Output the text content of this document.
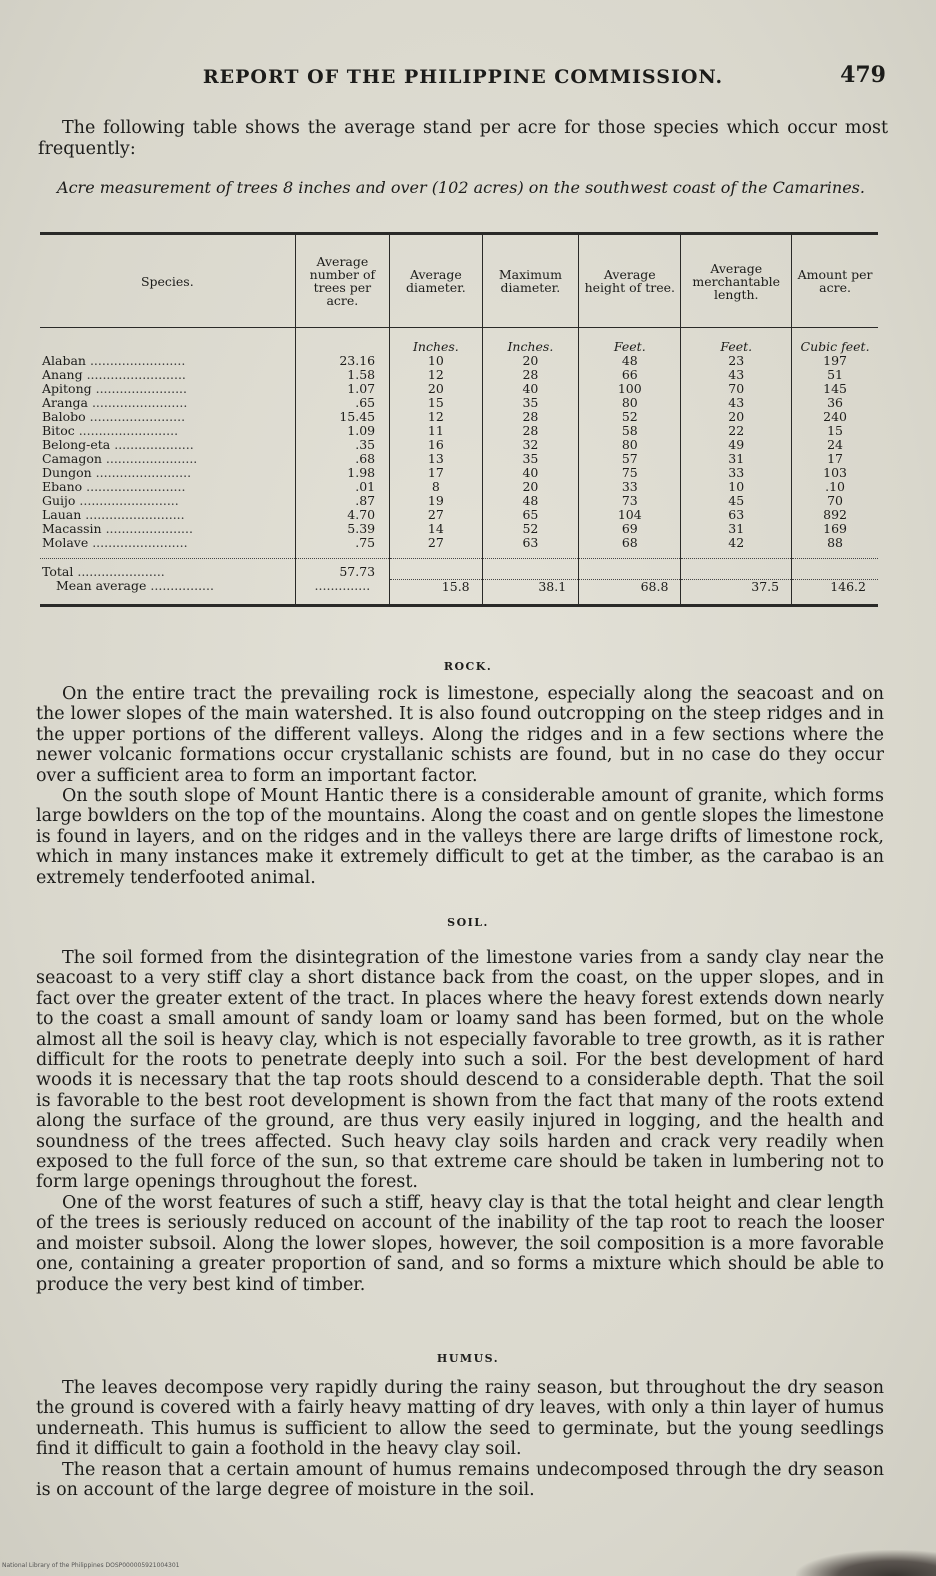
REPORT OF THE PHILIPPINE COMMISSION.	479

The following table shows the average stand per acre for those species which occur most frequently:

Acre measurement of trees 8 inches and over (102 acres) on the southwest coast of the Camarines.

Species.	Average number of trees per acre.	Average diameter.	Maximum diameter.	Average height of tree.	Average merchantable length.	Amount per acre.
		Inches.	Inches.	Feet.	Feet.	Cubic feet.
Alaban ........................	23.16	10	20	48	23	197
Anang .........................	1.58	12	28	66	43	51
Apitong .......................	1.07	20	40	100	70	145
Aranga ........................	.65	15	35	80	43	36
Balobo ........................	15.45	12	28	52	20	240
Bitoc .........................	1.09	11	28	58	22	15
Belong-eta ....................	.35	16	32	80	49	24
Camagon .......................	.68	13	35	57	31	17
Dungon ........................	1.98	17	40	75	33	103
Ebano .........................	.01	8	20	33	10	.10
Guijo .........................	.87	19	48	73	45	70
Lauan .........................	4.70	27	65	104	63	892
Macassin ......................	5.39	14	52	69	31	169
Molave ........................	.75	27	63	68	42	88
Total ......................	57.73					
Mean average ................	..............	15.8	38.1	68.8	37.5	146.2
ROCK.

On the entire tract the prevailing rock is limestone, especially along the seacoast and on the lower slopes of the main watershed. It is also found outcropping on the steep ridges and in the upper portions of the different valleys. Along the ridges and in a few sections where the newer volcanic formations occur crystallanic schists are found, but in no case do they occur over a sufficient area to form an important factor.

On the south slope of Mount Hantic there is a considerable amount of granite, which forms large bowlders on the top of the mountains. Along the coast and on gentle slopes the limestone is found in layers, and on the ridges and in the valleys there are large drifts of limestone rock, which in many instances make it extremely difficult to get at the timber, as the carabao is an extremely tenderfooted animal.

SOIL.

The soil formed from the disintegration of the limestone varies from a sandy clay near the seacoast to a very stiff clay a short distance back from the coast, on the upper slopes, and in fact over the greater extent of the tract. In places where the heavy forest extends down nearly to the coast a small amount of sandy loam or loamy sand has been formed, but on the whole almost all the soil is heavy clay, which is not especially favorable to tree growth, as it is rather difficult for the roots to penetrate deeply into such a soil. For the best development of hard woods it is necessary that the tap roots should descend to a considerable depth. That the soil is favorable to the best root development is shown from the fact that many of the roots extend along the surface of the ground, are thus very easily injured in logging, and the health and soundness of the trees affected. Such heavy clay soils harden and crack very readily when exposed to the full force of the sun, so that extreme care should be taken in lumbering not to form large openings throughout the forest.

One of the worst features of such a stiff, heavy clay is that the total height and clear length of the trees is seriously reduced on account of the inability of the tap root to reach the looser and moister subsoil. Along the lower slopes, however, the soil composition is a more favorable one, containing a greater proportion of sand, and so forms a mixture which should be able to produce the very best kind of timber.

HUMUS.

The leaves decompose very rapidly during the rainy season, but throughout the dry season the ground is covered with a fairly heavy matting of dry leaves, with only a thin layer of humus underneath. This humus is sufficient to allow the seed to germinate, but the young seedlings find it difficult to gain a foothold in the heavy clay soil.

The reason that a certain amount of humus remains undecomposed through the dry season is on account of the large degree of moisture in the soil.

National Library of the Philippines DOSP000005921004301
